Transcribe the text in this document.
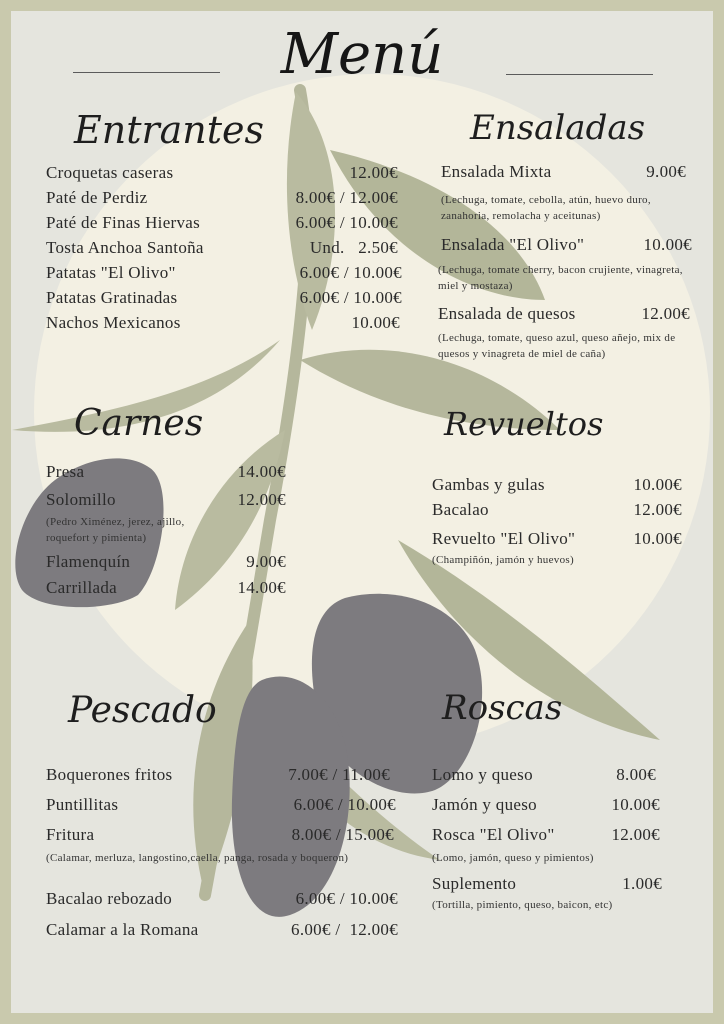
Menú
Entrantes
Croquetas caseras	12.00€
Paté de Perdiz	8.00€ / 12.00€
Paté de Finas Hiervas	6.00€ / 10.00€
Tosta Anchoa Santoña	Und.   2.50€
Patatas "El Olivo"	6.00€ / 10.00€
Patatas Gratinadas	6.00€ / 10.00€
Nachos Mexicanos	10.00€
Ensaladas
Ensalada Mixta	9.00€
(Lechuga, tomate, cebolla, atún, huevo duro, zanahoria, remolacha y aceitunas)
Ensalada "El Olivo"	10.00€
(Lechuga, tomate cherry, bacon crujiente, vinagreta, miel y mostaza)
Ensalada de quesos	12.00€
(Lechuga, tomate, queso azul, queso añejo, mix de quesos y vinagreta de miel de caña)
Carnes
Presa	14.00€
Solomillo	12.00€
(Pedro Ximénez, jerez, ajillo, roquefort y pimienta)
Flamenquín	9.00€
Carrillada	14.00€
Revueltos
Gambas y gulas	10.00€
Bacalao	12.00€
Revuelto "El Olivo"	10.00€
(Champiñón, jamón y huevos)
Pescado
Boquerones fritos	7.00€ / 11.00€
Puntillitas	6.00€ / 10.00€
Fritura	8.00€ / 15.00€
(Calamar, merluza, langostino,caella, panga, rosada y boqueron)
Bacalao rebozado	6.00€ / 10.00€
Calamar a la Romana	6.00€ /  12.00€
Roscas
Lomo y queso	8.00€
Jamón y queso	10.00€
Rosca "El Olivo"	12.00€
(Lomo, jamón, queso y pimientos)
Suplemento	1.00€
(Tortilla, pimiento, queso, baicon, etc)
